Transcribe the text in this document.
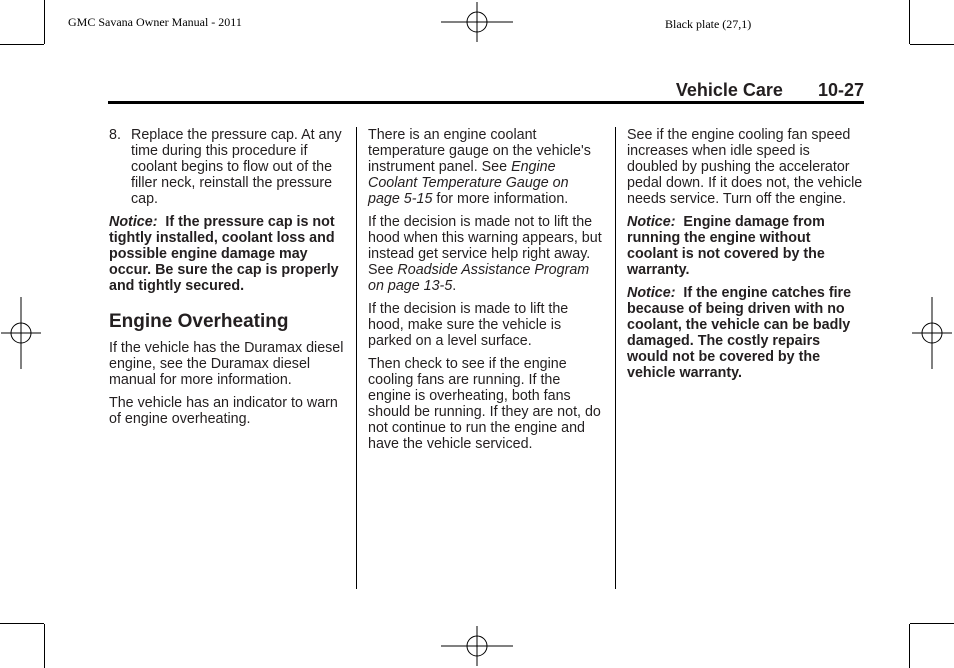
GMC Savana Owner Manual - 2011	Black plate (27,1)
Vehicle Care 10-27
8. Replace the pressure cap. At any time during this procedure if coolant begins to flow out of the filler neck, reinstall the pressure cap.

Notice: If the pressure cap is not tightly installed, coolant loss and possible engine damage may occur. Be sure the cap is properly and tightly secured.

Engine Overheating

If the vehicle has the Duramax diesel engine, see the Duramax diesel manual for more information.

The vehicle has an indicator to warn of engine overheating.

There is an engine coolant temperature gauge on the vehicle's instrument panel. See Engine Coolant Temperature Gauge on page 5-15 for more information.

If the decision is made not to lift the hood when this warning appears, but instead get service help right away. See Roadside Assistance Program on page 13-5.

If the decision is made to lift the hood, make sure the vehicle is parked on a level surface.

Then check to see if the engine cooling fans are running. If the engine is overheating, both fans should be running. If they are not, do not continue to run the engine and have the vehicle serviced.

See if the engine cooling fan speed increases when idle speed is doubled by pushing the accelerator pedal down. If it does not, the vehicle needs service. Turn off the engine.

Notice: Engine damage from running the engine without coolant is not covered by the warranty.

Notice: If the engine catches fire because of being driven with no coolant, the vehicle can be badly damaged. The costly repairs would not be covered by the vehicle warranty.
